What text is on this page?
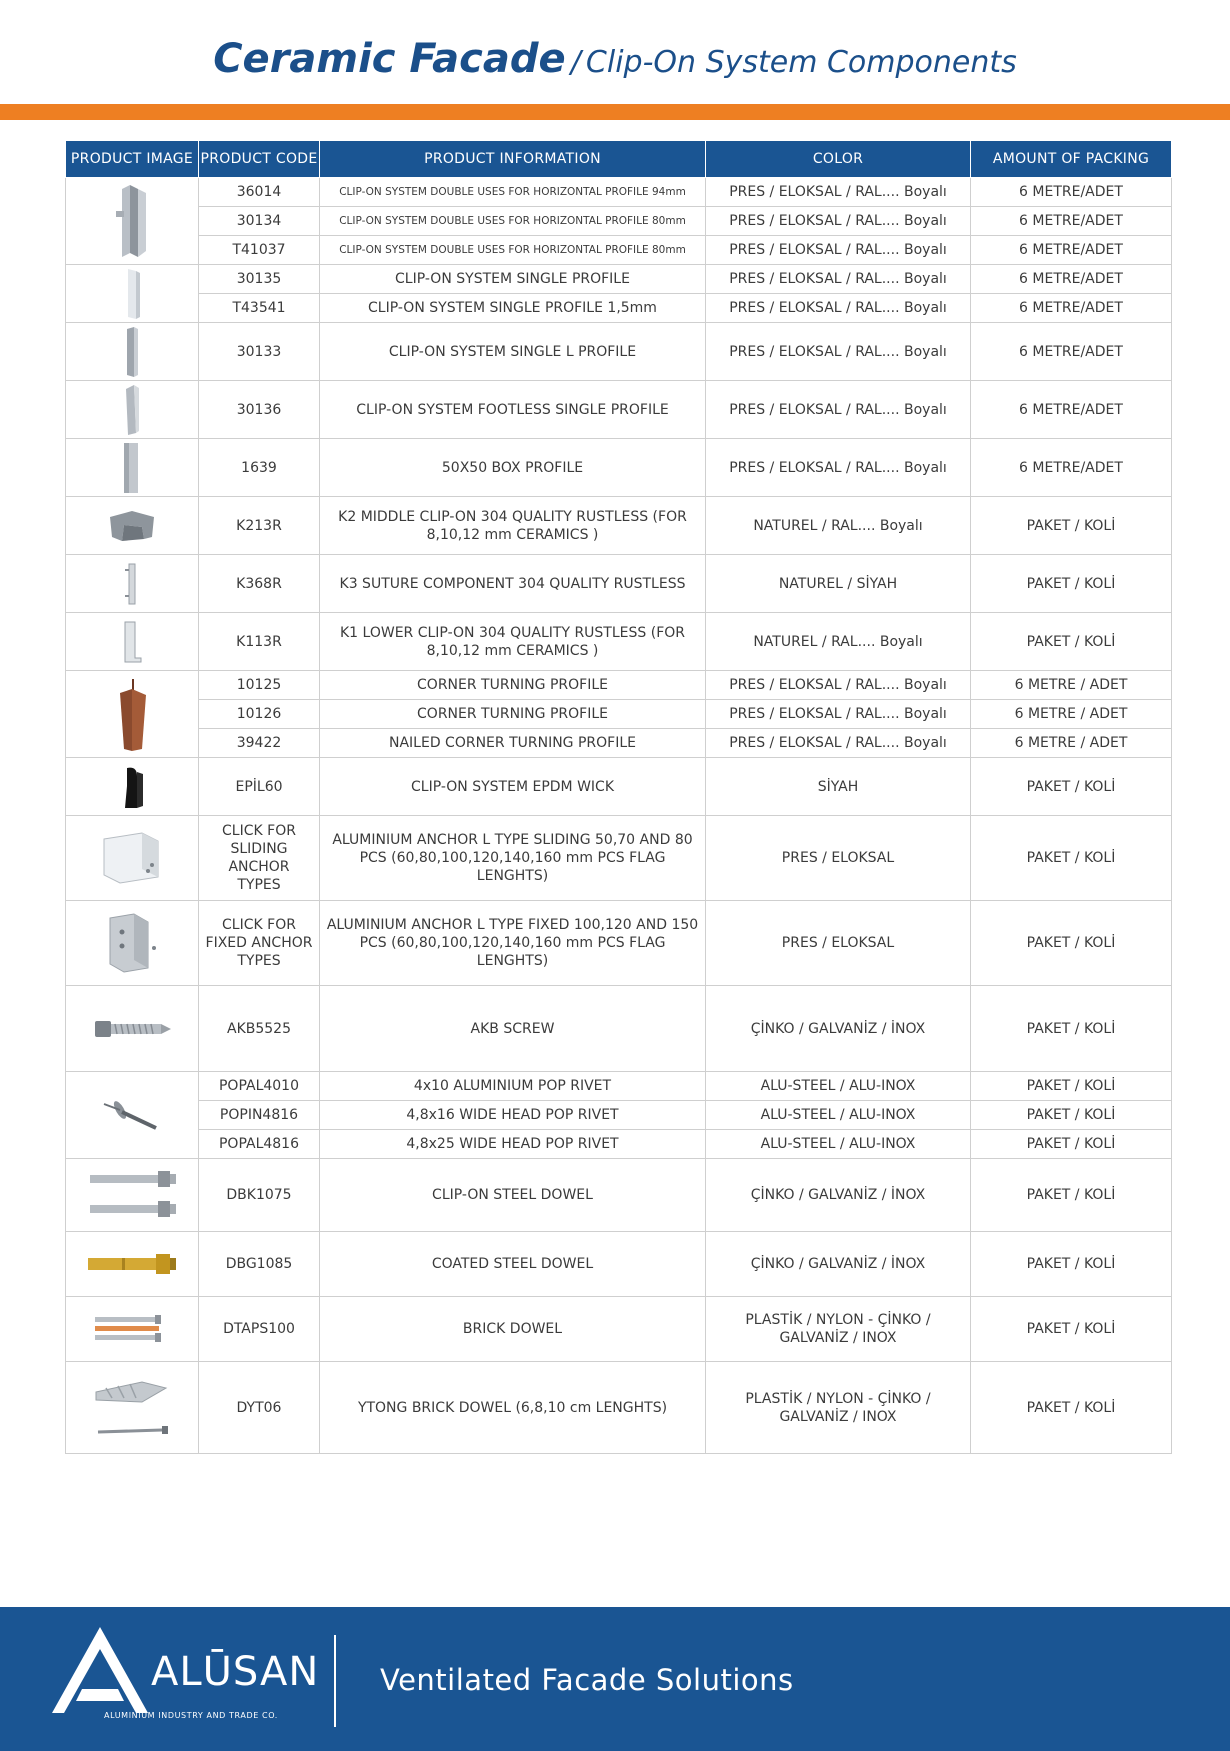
Ceramic Facade / Clip-On System Components
PRODUCT IMAGE	PRODUCT CODE	PRODUCT INFORMATION	COLOR	AMOUNT OF PACKING

	36014	CLIP-ON SYSTEM DOUBLE USES FOR HORIZONTAL PROFILE 94mm	PRES / ELOKSAL / RAL.... Boyalı	6 METRE/ADET
	30134	CLIP-ON SYSTEM DOUBLE USES FOR HORIZONTAL PROFILE 80mm	PRES / ELOKSAL / RAL.... Boyalı	6 METRE/ADET
	T41037	CLIP-ON SYSTEM DOUBLE USES FOR HORIZONTAL PROFILE 80mm	PRES / ELOKSAL / RAL.... Boyalı	6 METRE/ADET

	30135	CLIP-ON SYSTEM SINGLE PROFILE	PRES / ELOKSAL / RAL.... Boyalı	6 METRE/ADET
	T43541	CLIP-ON SYSTEM SINGLE PROFILE 1,5mm	PRES / ELOKSAL / RAL.... Boyalı	6 METRE/ADET

	30133	CLIP-ON SYSTEM SINGLE L PROFILE	PRES / ELOKSAL / RAL.... Boyalı	6 METRE/ADET

	30136	CLIP-ON SYSTEM FOOTLESS SINGLE PROFILE	PRES / ELOKSAL / RAL.... Boyalı	6 METRE/ADET

	1639	50X50 BOX PROFILE	PRES / ELOKSAL / RAL.... Boyalı	6 METRE/ADET

	K213R	K2 MIDDLE CLIP-ON 304 QUALITY RUSTLESS (FOR 8,10,12 mm CERAMICS )	NATUREL / RAL.... Boyalı	PAKET / KOLİ

	K368R	K3 SUTURE COMPONENT 304 QUALITY RUSTLESS	NATUREL / SİYAH	PAKET / KOLİ

	K113R	K1 LOWER CLIP-ON 304 QUALITY RUSTLESS (FOR 8,10,12 mm CERAMICS )	NATUREL / RAL.... Boyalı	PAKET / KOLİ

	10125	CORNER TURNING PROFILE	PRES / ELOKSAL / RAL.... Boyalı	6 METRE / ADET
	10126	CORNER TURNING PROFILE	PRES / ELOKSAL / RAL.... Boyalı	6 METRE / ADET
	39422	NAILED CORNER TURNING PROFILE	PRES / ELOKSAL / RAL.... Boyalı	6 METRE / ADET

	EPİL60	CLIP-ON SYSTEM EPDM WICK	SİYAH	PAKET / KOLİ

	CLICK FOR SLIDING ANCHOR TYPES	ALUMINIUM ANCHOR L TYPE SLIDING 50,70 AND 80 PCS (60,80,100,120,140,160 mm PCS FLAG LENGHTS)	PRES / ELOKSAL	PAKET / KOLİ

	CLICK FOR FIXED ANCHOR TYPES	ALUMINIUM ANCHOR L TYPE FIXED 100,120 AND 150 PCS (60,80,100,120,140,160 mm PCS FLAG LENGHTS)	PRES / ELOKSAL	PAKET / KOLİ

	AKB5525	AKB SCREW	ÇİNKO / GALVANİZ / İNOX	PAKET / KOLİ

	POPAL4010	4x10 ALUMINIUM POP RIVET	ALU-STEEL / ALU-INOX	PAKET / KOLİ
	POPIN4816	4,8x16 WIDE HEAD POP RIVET	ALU-STEEL / ALU-INOX	PAKET / KOLİ
	POPAL4816	4,8x25 WIDE HEAD POP RIVET	ALU-STEEL / ALU-INOX	PAKET / KOLİ

	DBK1075	CLIP-ON STEEL DOWEL	ÇİNKO / GALVANİZ / İNOX	PAKET / KOLİ

	DBG1085	COATED STEEL DOWEL	ÇİNKO / GALVANİZ / İNOX	PAKET / KOLİ

	DTAPS100	BRICK DOWEL	PLASTİK / NYLON - ÇİNKO / GALVANİZ / INOX	PAKET / KOLİ

	DYT06	YTONG BRICK DOWEL (6,8,10 cm LENGHTS)	PLASTİK / NYLON - ÇİNKO / GALVANİZ / INOX	PAKET / KOLİ
ALŪSAN
ALUMINIUM INDUSTRY AND TRADE CO.
Ventilated Facade Solutions
